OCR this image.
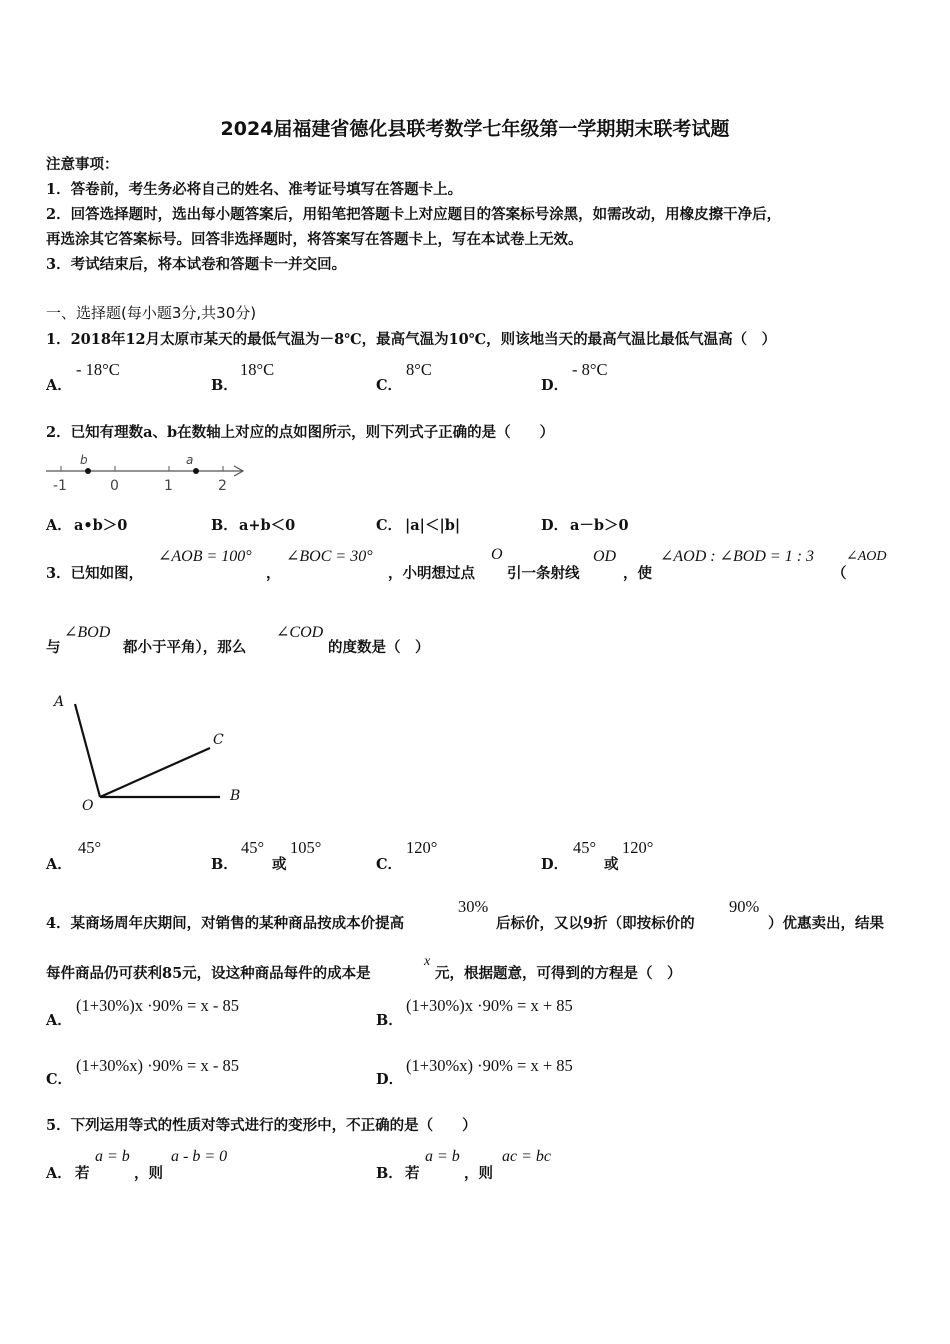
2024届福建省德化县联考数学七年级第一学期期末联考试题
注意事项：
1．答卷前，考生务必将自己的姓名、准考证号填写在答题卡上。
2．回答选择题时，选出每小题答案后，用铅笔把答题卡上对应题目的答案标号涂黑，如需改动，用橡皮擦干净后，
再选涂其它答案标号。回答非选择题时，将答案写在答题卡上，写在本试卷上无效。
3．考试结束后，将本试卷和答题卡一并交回。
一、选择题(每小题3分,共30分)
1．2018年12月太原市某天的最低气温为－8℃，最高气温为10℃，则该地当天的最高气温比最低气温高（　）
A．
- 18°C
B．
18°C
C．
8°C
D．
- 8°C
2．已知有理数a、b在数轴上对应的点如图所示，则下列式子正确的是（　　）
b	a
-1	0	1	2
A． a•b＞0	B． a+b＜0	C． |a|＜|b|	D． a－b＞0
3．已知如图，
∠AOB = 100°
，
∠BOC = 30°
，小明想过点
O
引一条射线
OD
，使
∠AOD : ∠BOD = 1 : 3
（
∠AOD
与
∠BOD
都小于平角），那么
∠COD
的度数是（　）
A
C
O
B
A．
45°
B．
45°
或
105°
C．
120°
D．
45°
或
120°
4．某商场周年庆期间，对销售的某种商品按成本价提高
30%
后标价，又以9折（即按标价的
90%
）优惠卖出，结果
每件商品仍可获利85元，设这种商品每件的成本是
x
元，根据题意，可得到的方程是（　）
A．
(1+30%)x ·90% = x - 85
B．
(1+30%)x ·90% = x + 85
C．
(1+30%x) ·90% = x - 85
D．
(1+30%x) ·90% = x + 85
5．下列运用等式的性质对等式进行的变形中，不正确的是（　　）
A． 若
a = b
，则
a - b = 0
B． 若
a = b
，则
ac = bc
